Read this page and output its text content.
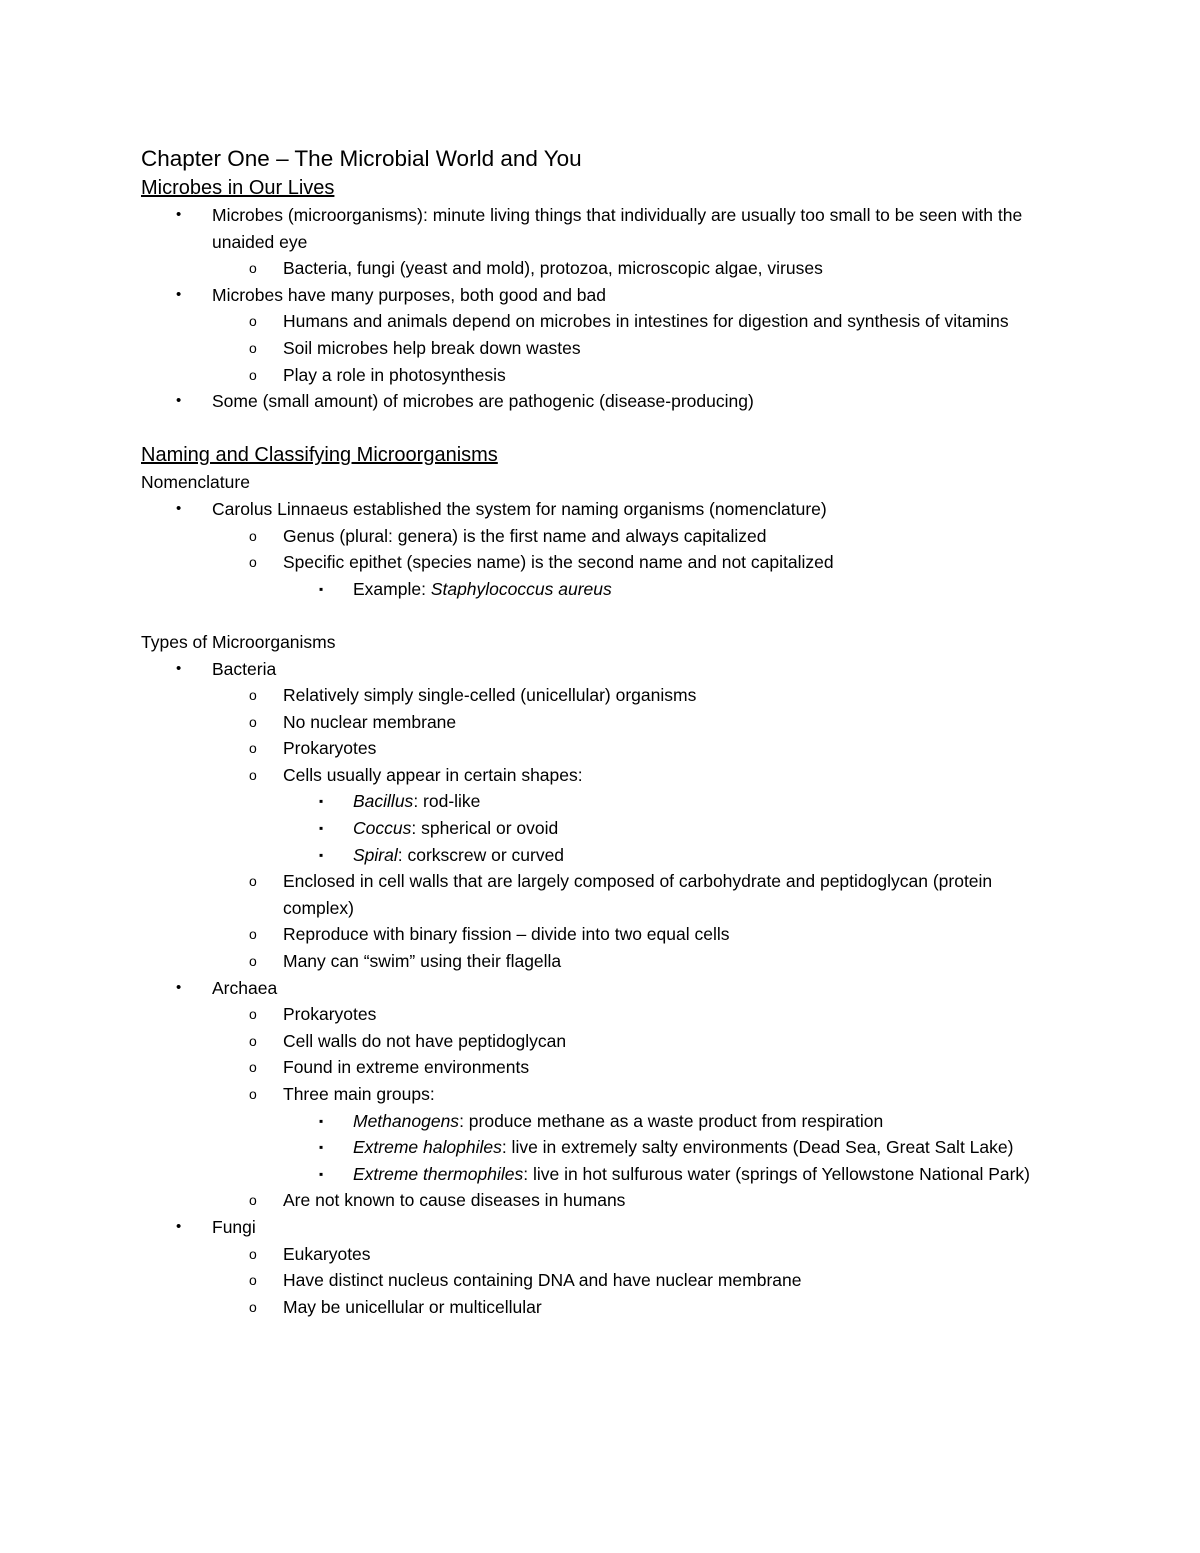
Chapter One – The Microbial World and You
Microbes in Our Lives
• Microbes (microorganisms): minute living things that individually are usually too small to be seen with the unaided eye
o Bacteria, fungi (yeast and mold), protozoa, microscopic algae, viruses
• Microbes have many purposes, both good and bad
o Humans and animals depend on microbes in intestines for digestion and synthesis of vitamins
o Soil microbes help break down wastes
o Play a role in photosynthesis
• Some (small amount) of microbes are pathogenic (disease-producing)
Naming and Classifying Microorganisms
Nomenclature
• Carolus Linnaeus established the system for naming organisms (nomenclature)
o Genus (plural: genera) is the first name and always capitalized
o Specific epithet (species name) is the second name and not capitalized
▪ Example: Staphylococcus aureus
Types of Microorganisms
• Bacteria
o Relatively simply single-celled (unicellular) organisms
o No nuclear membrane
o Prokaryotes
o Cells usually appear in certain shapes:
▪ Bacillus: rod-like
▪ Coccus: spherical or ovoid
▪ Spiral: corkscrew or curved
o Enclosed in cell walls that are largely composed of carbohydrate and peptidoglycan (protein complex)
o Reproduce with binary fission – divide into two equal cells
o Many can “swim” using their flagella
• Archaea
o Prokaryotes
o Cell walls do not have peptidoglycan
o Found in extreme environments
o Three main groups:
▪ Methanogens: produce methane as a waste product from respiration
▪ Extreme halophiles: live in extremely salty environments (Dead Sea, Great Salt Lake)
▪ Extreme thermophiles: live in hot sulfurous water (springs of Yellowstone National Park)
o Are not known to cause diseases in humans
• Fungi
o Eukaryotes
o Have distinct nucleus containing DNA and have nuclear membrane
o May be unicellular or multicellular
